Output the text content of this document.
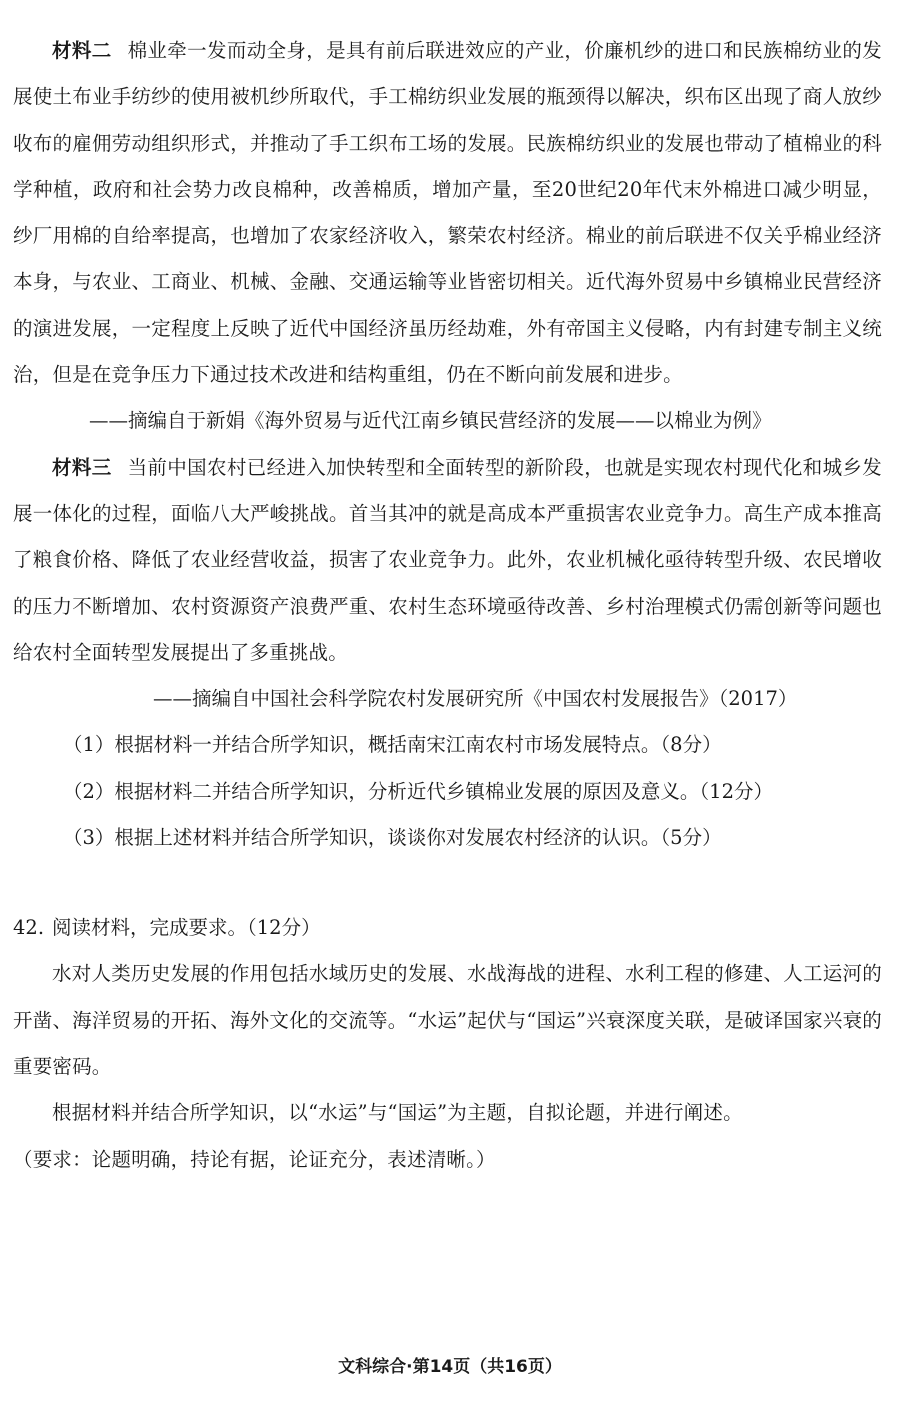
材料二 棉业牵一发而动全身，是具有前后联进效应的产业，价廉机纱的进口和民族棉纺业的发展使土布业手纺纱的使用被机纱所取代，手工棉纺织业发展的瓶颈得以解决，织布区出现了商人放纱收布的雇佣劳动组织形式，并推动了手工织布工场的发展。民族棉纺织业的发展也带动了植棉业的科学种植，政府和社会势力改良棉种，改善棉质，增加产量，至20世纪20年代末外棉进口减少明显，纱厂用棉的自给率提高，也增加了农家经济收入，繁荣农村经济。棉业的前后联进不仅关乎棉业经济本身，与农业、工商业、机械、金融、交通运输等业皆密切相关。近代海外贸易中乡镇棉业民营经济的演进发展，一定程度上反映了近代中国经济虽历经劫难，外有帝国主义侵略，内有封建专制主义统治，但是在竞争压力下通过技术改进和结构重组，仍在不断向前发展和进步。

——摘编自于新娟《海外贸易与近代江南乡镇民营经济的发展——以棉业为例》

材料三 当前中国农村已经进入加快转型和全面转型的新阶段，也就是实现农村现代化和城乡发展一体化的过程，面临八大严峻挑战。首当其冲的就是高成本严重损害农业竞争力。高生产成本推高了粮食价格、降低了农业经营收益，损害了农业竞争力。此外，农业机械化亟待转型升级、农民增收的压力不断增加、农村资源资产浪费严重、农村生态环境亟待改善、乡村治理模式仍需创新等问题也给农村全面转型发展提出了多重挑战。

——摘编自中国社会科学院农村发展研究所《中国农村发展报告》（2017）

（1）根据材料一并结合所学知识，概括南宋江南农村市场发展特点。（8分）

（2）根据材料二并结合所学知识，分析近代乡镇棉业发展的原因及意义。（12分）

（3）根据上述材料并结合所学知识，谈谈你对发展农村经济的认识。（5分）

42. 阅读材料，完成要求。（12分）

水对人类历史发展的作用包括水域历史的发展、水战海战的进程、水利工程的修建、人工运河的开凿、海洋贸易的开拓、海外文化的交流等。“水运”起伏与“国运”兴衰深度关联，是破译国家兴衰的重要密码。

根据材料并结合所学知识，以“水运”与“国运”为主题，自拟论题，并进行阐述。

（要求：论题明确，持论有据，论证充分，表述清晰。）

文科综合·第14页（共16页）
